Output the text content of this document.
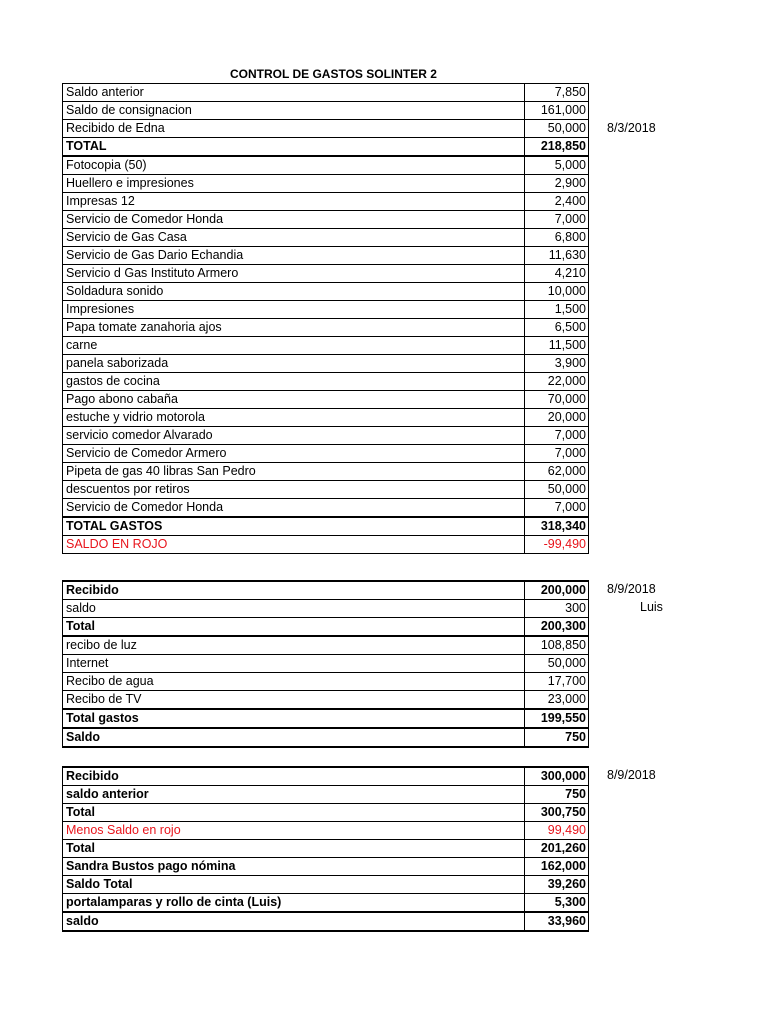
CONTROL DE GASTOS SOLINTER 2
Saldo anterior	7,850
Saldo de consignacion	161,000
Recibido de Edna	50,000
TOTAL	218,850
Fotocopia (50)	5,000
Huellero e impresiones	2,900
Impresas 12	2,400
Servicio de Comedor Honda	7,000
Servicio de Gas Casa	6,800
Servicio de Gas Dario Echandia	11,630
Servicio d Gas Instituto Armero	4,210
Soldadura sonido	10,000
Impresiones	1,500
Papa tomate zanahoria ajos	6,500
carne	11,500
panela saborizada	3,900
gastos de cocina	22,000
Pago abono cabaña	70,000
estuche y vidrio motorola	20,000
servicio comedor Alvarado	7,000
Servicio de Comedor Armero	7,000
Pipeta de gas 40 libras San Pedro	62,000
descuentos por retiros	50,000
Servicio de Comedor Honda	7,000
TOTAL GASTOS	318,340
SALDO EN ROJO	-99,490
8/3/2018
Recibido	200,000
saldo	300
Total	200,300
recibo de luz	108,850
Internet	50,000
Recibo de agua	17,700
Recibo de TV	23,000
Total gastos	199,550
Saldo	750
8/9/2018
Luis
Recibido	300,000
saldo anterior	750
Total	300,750
Menos Saldo en rojo	99,490
Total	201,260
Sandra Bustos pago nómina	162,000
Saldo Total	39,260
portalamparas y rollo de cinta (Luis)	5,300
saldo	33,960
8/9/2018
